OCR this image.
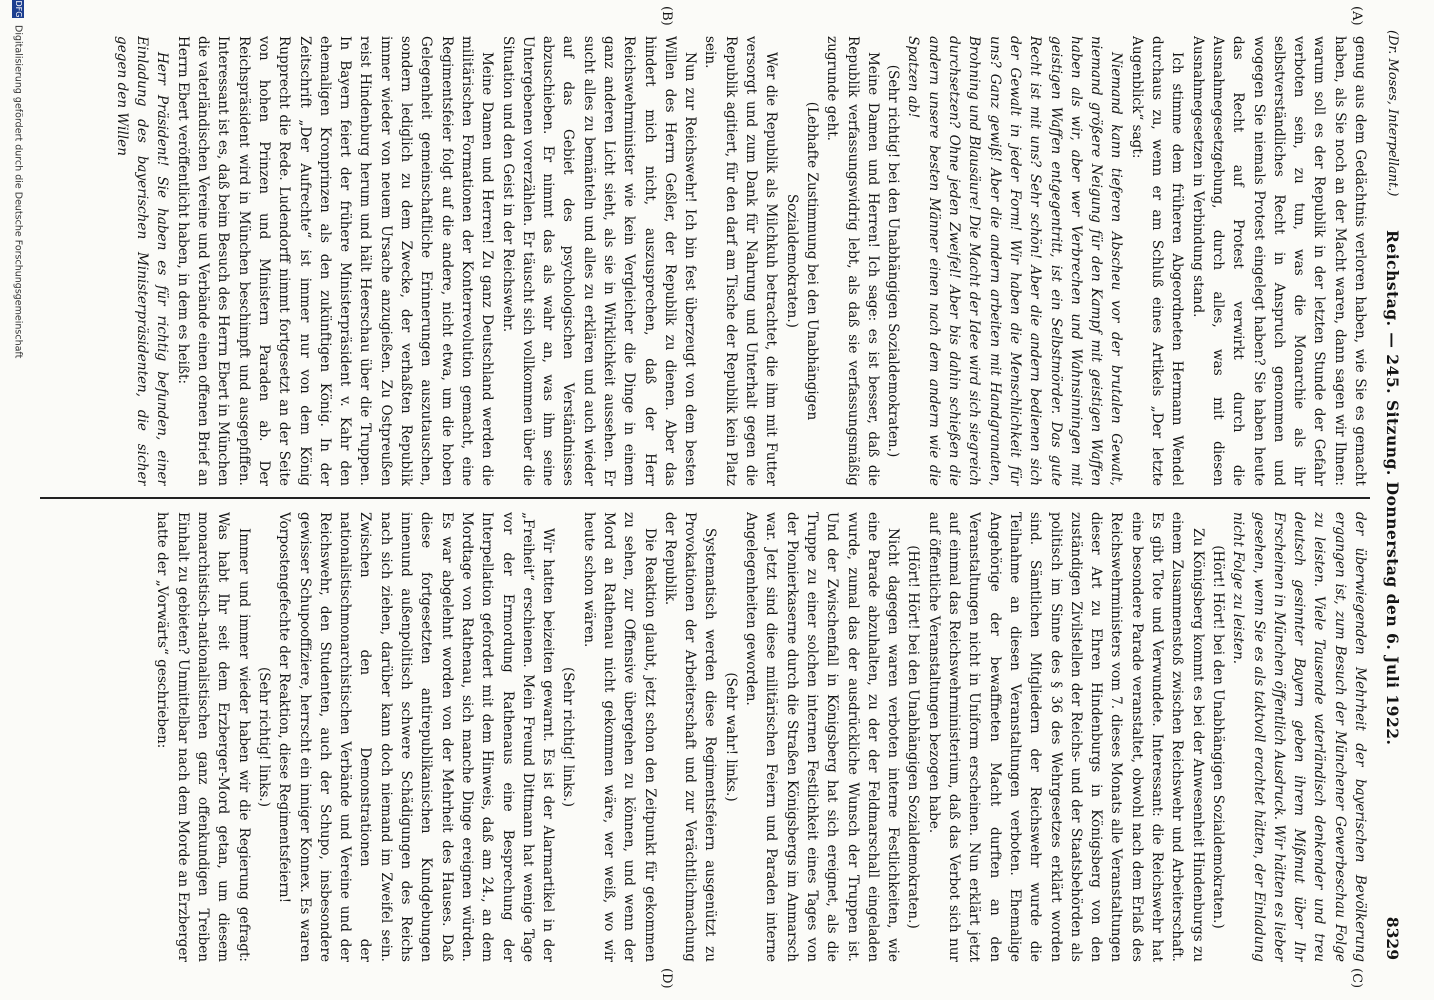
(Dr. Moses, Interpellant.)
Reichstag. — 245. Sitzung. Donnerstag den 6. Juli 1922.
8329
(A)
(B)
(C)
(D)

genug aus dem Gedächtnis verloren haben, wie Sie es gemacht haben, als Sie noch an der Macht waren, dann sagen wir Ihnen: warum soll es der Republik in der letzten Stunde der Gefahr verboten sein, zu tun, was die Monarchie als ihr selbstverständliches Recht in Anspruch genommen und wogegen Sie niemals Protest eingelegt haben? Sie haben heute das Recht auf Protest verwirkt durch die Ausnahmegesetzgebung, durch alles, was mit diesen Ausnahmegesetzen in Verbindung stand.

Ich stimme dem früheren Abgeordneten Hermann Wendel durchaus zu, wenn er am Schluß eines Artikels „Der letzte Augenblick“ sagt:

Niemand kann tieferen Abscheu vor der brutalen Gewalt, niemand größere Neigung für den Kampf mit geistigen Waffen haben als wir, aber wer Verbrechen und Wahnsinningen mit geistigen Waffen entgegentritt, ist ein Selbstmörder. Das gute Recht ist mit uns? Sehr schön! Aber die andern bedienen sich der Gewalt in jeder Form! Wir haben die Menschlichkeit für uns? Ganz gewiß! Aber die andern arbeiten mit Handgranaten, Brohning und Blausäure! Die Macht der Idee wird sich siegreich durchsetzen? Ohne jeden Zweifel! Aber bis dahin schießen die andern unsere besten Männer einen nach dem andern wie die Spatzen ab!

(Sehr richtig! bei den Unabhängigen Sozialdemokraten.)

Meine Damen und Herren! Ich sage: es ist besser, daß die Republik verfassungswidrig lebt, als daß sie verfassungsmäßig zugrunde geht.

(Lebhafte Zustimmung bei den Unabhängigen Sozialdemokraten.)

Wer die Republik als Milchkuh betrachtet, die ihm mit Futter versorgt und zum Dank für Nahrung und Unterhalt gegen die Republik agitiert, für den darf am Tische der Republik kein Platz sein.

Nun zur Reichswehr! Ich bin fest überzeugt von dem besten Willen des Herrn Geßler, der Republik zu dienen. Aber das hindert mich nicht, auszusprechen, daß der Herr Reichswehrminister wie kein Vergleicher die Dinge in einem ganz anderen Licht sieht, als sie in Wirklichkeit aussehen. Er sucht alles zu bemänteln und alles zu erklären und auch wieder auf das Gebiet des psychologischen Verständnisses abzuschieben. Er nimmt das als wahr an, was ihm seine Untergebenen vorerzählen. Er täuscht sich vollkommen über die Situation und den Geist in der Reichswehr.

Meine Damen und Herren! Zu ganz Deutschland werden die militärischen Formationen der Konterrevolution gemacht, eine Regimentsfeier folgt auf die andere, nicht etwa, um die hoben Gelegenheit gemeinschaftliche Erinnerungen auszutauschen, sondern lediglich zu dem Zwecke, der verhaßten Republik immer wieder von neuem Ursache anzugießen. Zu Ostpreußen reist Hindenburg herum und hält Heerschau über die Truppen. In Bayern feiert der frühere Ministerpräsident v. Kahr den ehemaligen Kronprinzen als den zukünftigen König. In der Zeitschrift „Der Aufrechte“ ist immer nur von dem König Rupprecht die Rede. Ludendorff nimmt fortgesetzt an der Seite von hohen Prinzen und Ministern Paraden ab. Der Reichspräsident wird in München beschimpft und ausgepfiffen. Interessant ist es, daß beim Besuch des Herrn Ebert in München die vaterländischen Vereine und Verbände einen offenen Brief an Herrn Ebert veröffentlicht haben, in dem es heißt:

Herr Präsident! Sie haben es für richtig befunden, einer Einladung des bayerischen Ministerpräsidenten, die sicher gegen den Willen

der überwiegenden Mehrheit der bayerischen Bevölkerung ergangen ist, zum Besuch der Münchener Gewerbeschau Folge zu leisten. Viele Tausende vaterländisch denkender und treu deutsch gesinnter Bayern geben ihrem Mißmut über Ihr Erscheinen in München öffentlich Ausdruck. Wir hätten es lieber gesehen, wenn Sie es als taktvoll erachtet hätten, der Einladung nicht Folge zu leisten.

(Hört! Hört! bei den Unabhängigen Sozialdemokraten.)

Zu Königsberg kommt es bei der Anwesenheit Hindenburgs zu einem Zusammenstoß zwischen Reichswehr und Arbeiterschaft. Es gibt Tote und Verwundete. Interessant: die Reichswehr hat eine besondere Parade veranstaltet, obwohl nach dem Erlaß des Reichswehrministers vom 7. dieses Monats alle Veranstaltungen dieser Art zu Ehren Hindenburgs in Königsberg von den zuständigen Zivilstellen der Reichs- und der Staatsbehörden als politisch im Sinne des § 36 des Wehrgesetzes erklärt worden sind. Sämtlichen Mitgliedern der Reichswehr wurde die Teilnahme an diesen Veranstaltungen verboten. Ehemalige Angehörige der bewaffneten Macht durften an den Veranstaltungen nicht in Uniform erscheinen. Nun erklärt jetzt auf einmal das Reichswehrministerium, daß das Verbot sich nur auf öffentliche Veranstaltungen bezogen habe.

(Hört! Hört! bei den Unabhängigen Sozialdemokraten.)

Nicht dagegen waren verboten interne Festlichkeiten, wie eine Parade abzuhalten, zu der der Feldmarschall eingeladen wurde, zumal das der ausdrückliche Wunsch der Truppen ist. Und der Zwischenfall in Königsberg hat sich ereignet, als die Truppe zu einer solchen internen Festlichkeit eines Tages von der Pionierkaserne durch die Straßen Königsbergs im Anmarsch war. Jetzt sind diese militärischen Feiern und Paraden interne Angelegenheiten geworden.

(Sehr wahr! links.)

Systematisch werden diese Regimentsfeiern ausgenützt zu Provokationen der Arbeiterschaft und zur Verächtlichmachung der Republik.

Die Reaktion glaubt, jetzt schon den Zeitpunkt für gekommen zu sehen, zur Offensive übergehen zu können, und wenn der Mord an Rathenau nicht gekommen wäre, wer weiß, wo wir heute schon wären.

(Sehr richtig! links.)

Wir hatten beizeiten gewarnt. Es ist der Alarmartikel in der „Freiheit“ erschienen. Mein Freund Dittmann hat wenige Tage vor der Ermordung Rathenaus eine Besprechung der Interpellation gefordert mit dem Hinweis, daß am 24., an dem Mordtage von Rathenau, sich manche Dinge ereignen würden. Es war abgelehnt worden von der Mehrheit des Hauses. Daß diese fortgesetzten antirepublikanischen Kundgebungen innenund außenpolitisch schwere Schädigungen des Reichs nach sich ziehen, darüber kann doch niemand im Zweifel sein. Zwischen den Demonstrationen der nationalistischmonarchistischen Verbände und Vereine und der Reichswehr, den Studenten, auch der Schupo, insbesondere gewisser Schupooffiziere, herrscht ein inniger Konnex. Es waren Vorpostengefechte der Reaktion, diese Regimentsfeiern!

(Sehr richtig! links.)

Immer und immer wieder haben wir die Regierung gefragt: Was habt Ihr seit dem Erzberger-Mord getan, um diesem monarchistisch-nationalistischen ganz offenkundigen Treiben Einhalt zu gebieten? Unmittelbar nach dem Morde an Erzberger hatte der „Vorwärts“ geschrieben:

DFG Digitalisierung gefördert durch die Deutsche Forschungsgemeinschaft
